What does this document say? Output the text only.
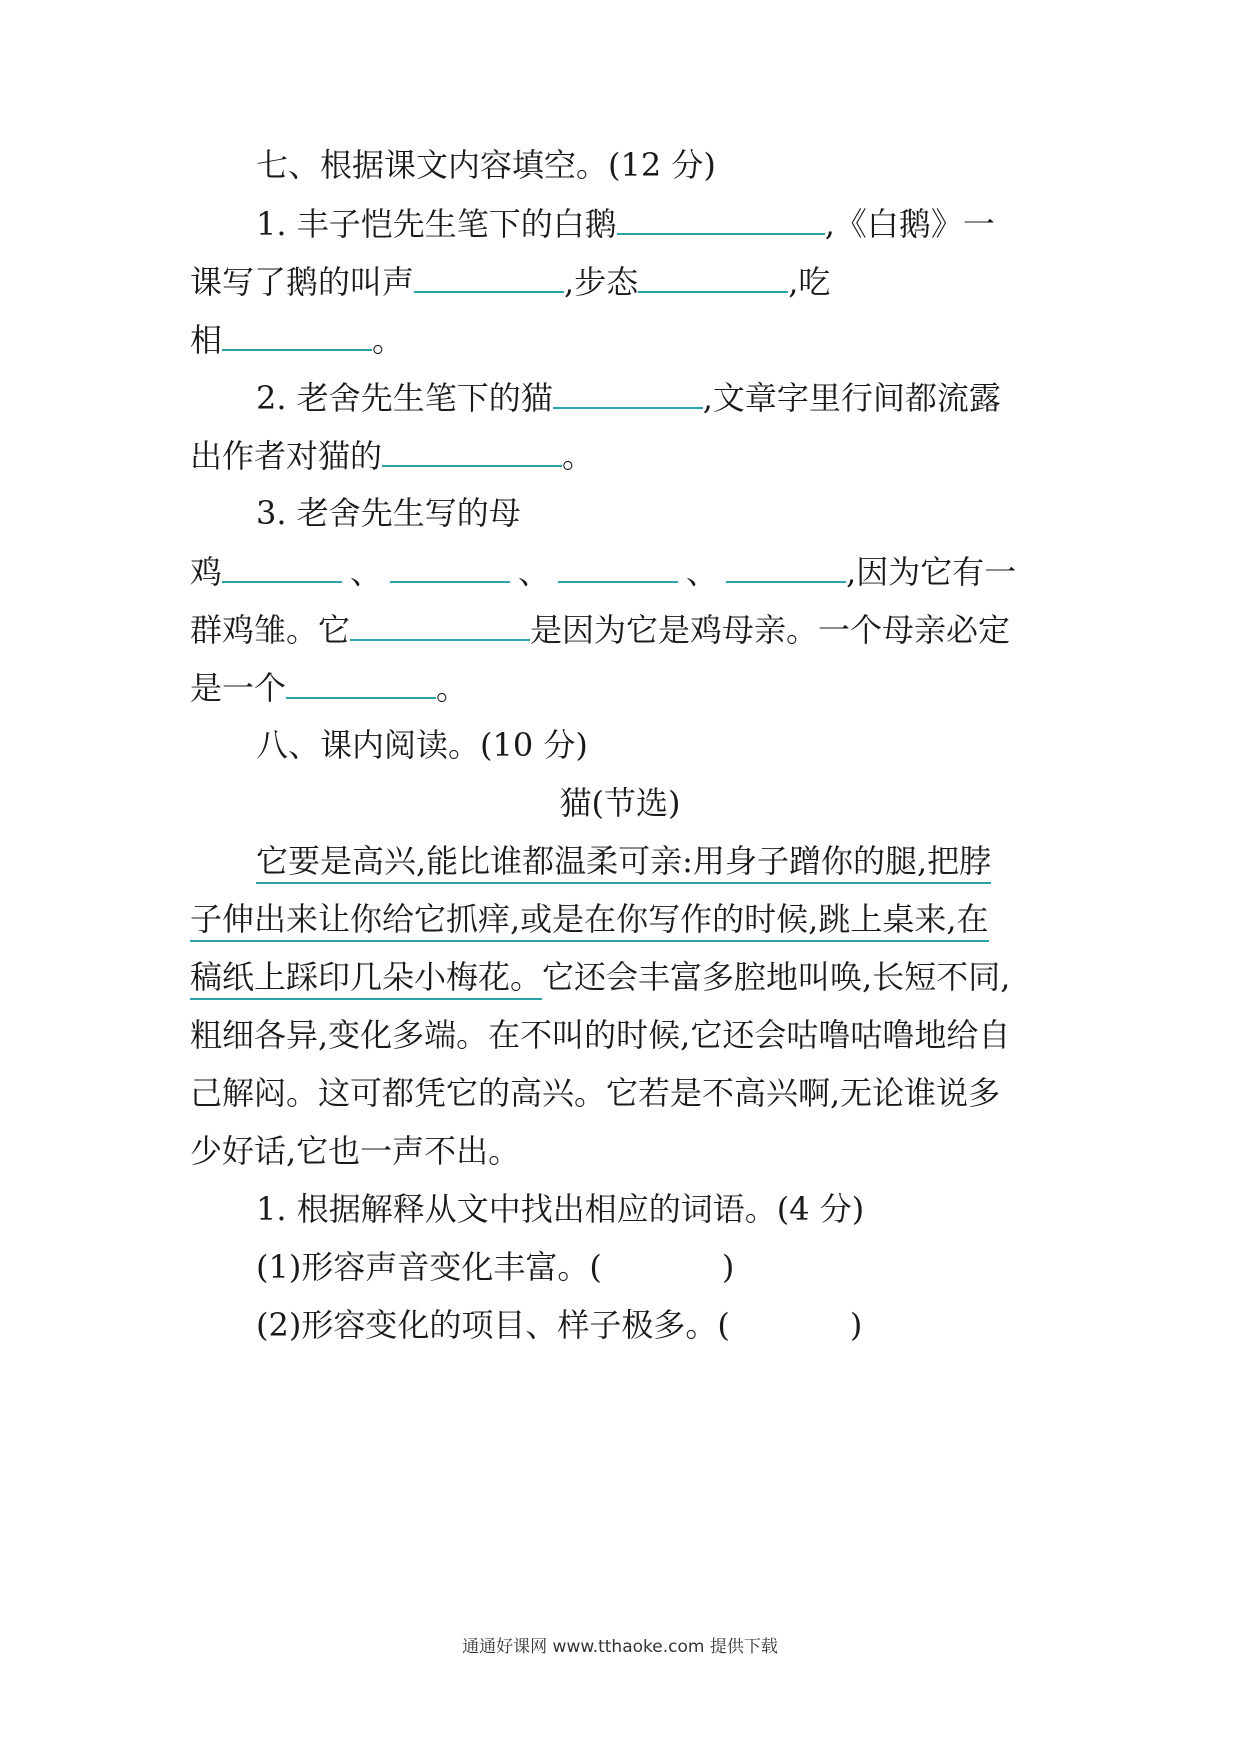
七、根据课文内容填空。(12 分)
1. 丰子恺先生笔下的白鹅	,《白鹅》一
课写了鹅的叫声	,步态	,吃
相	。
2. 老舍先生笔下的猫	,文章字里行间都流露
出作者对猫的	。
3. 老舍先生写的母
鸡	、	、	、	,因为它有一
群鸡雏。它	是因为它是鸡母亲。一个母亲必定
是一个	。
八、课内阅读。(10 分)
猫(节选)
它要是高兴,能比谁都温柔可亲:用身子蹭你的腿,把脖
子伸出来让你给它抓痒,或是在你写作的时候,跳上桌来,在
稿纸上踩印几朵小梅花。它还会丰富多腔地叫唤,长短不同,
粗细各异,变化多端。在不叫的时候,它还会咕噜咕噜地给自
己解闷。这可都凭它的高兴。它若是不高兴啊,无论谁说多
少好话,它也一声不出。
1. 根据解释从文中找出相应的词语。(4 分)
(1)形容声音变化丰富。(	)
(2)形容变化的项目、样子极多。(	)
通通好课网 www.tthaoke.com 提供下载
